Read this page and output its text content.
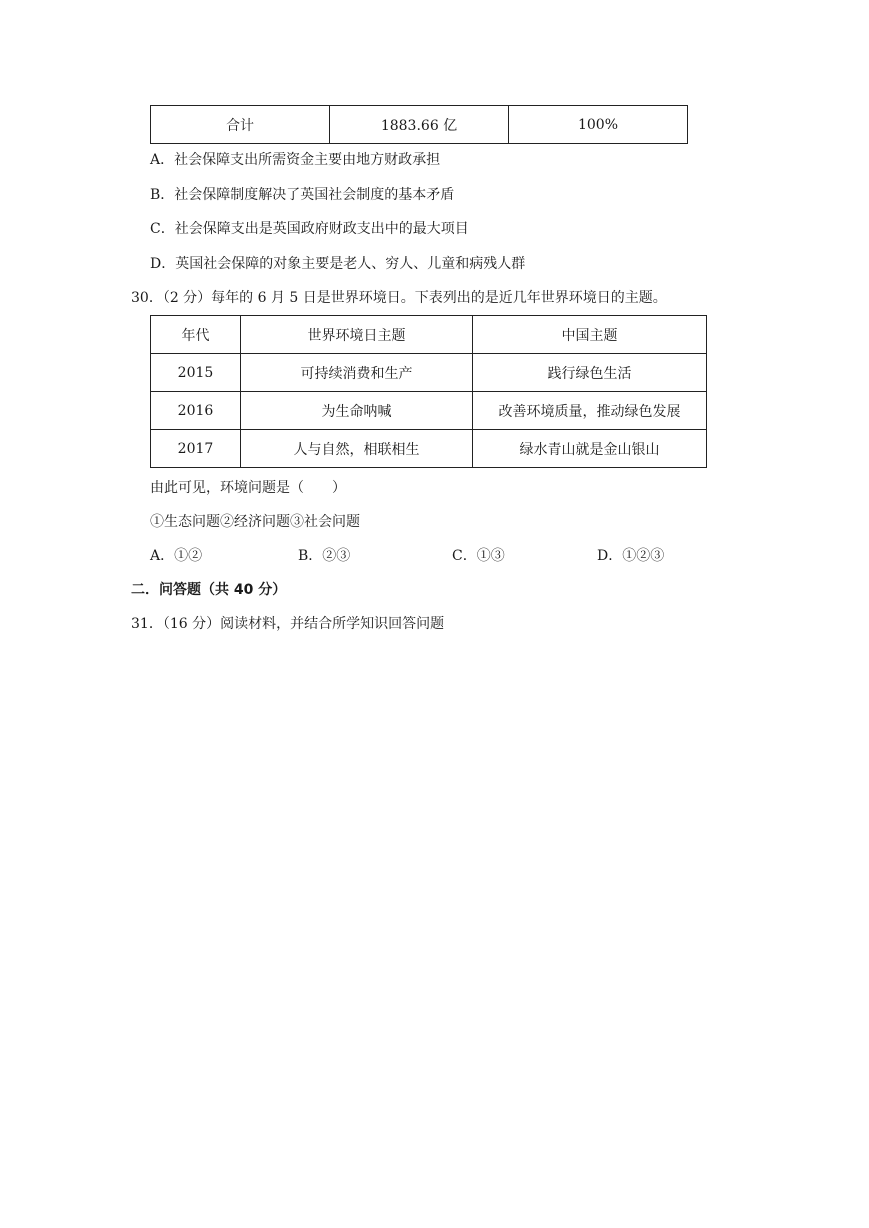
合计	1883.66 亿	100%
A．社会保障支出所需资金主要由地方财政承担
B．社会保障制度解决了英国社会制度的基本矛盾
C．社会保障支出是英国政府财政支出中的最大项目
D．英国社会保障的对象主要是老人、穷人、儿童和病残人群
30．（2 分）每年的 6 月 5 日是世界环境日。下表列出的是近几年世界环境日的主题。
年代	世界环境日主题	中国主题
2015	可持续消费和生产	践行绿色生活
2016	为生命呐喊	改善环境质量，推动绿色发展
2017	人与自然，相联相生	绿水青山就是金山银山
由此可见，环境问题是（　　）
①生态问题②经济问题③社会问题
A．①②	B．②③	C．①③	D．①②③
二．问答题（共 40 分）
31．（16 分）阅读材料，并结合所学知识回答问题
